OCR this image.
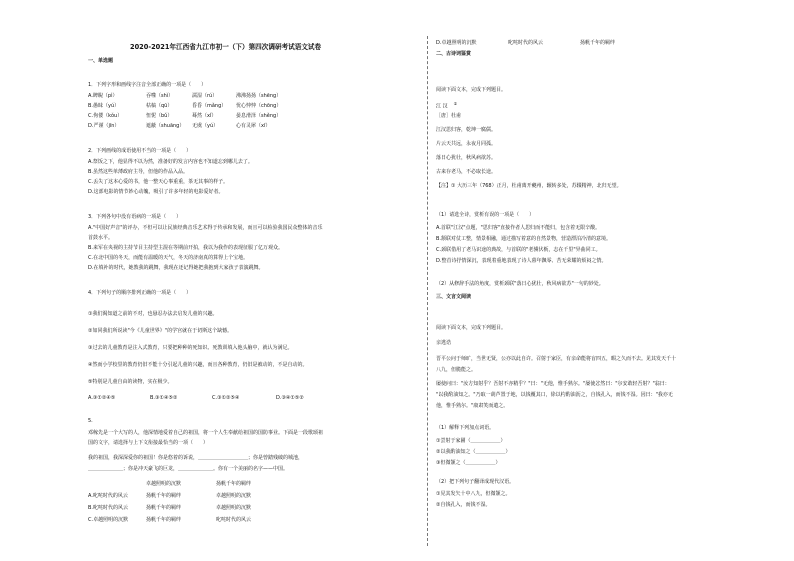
2020-2021年江西省九江市初一（下）第四次调研考试语文试卷
一、单选题
1．下列字形和画线字注音全部正确的一项是（　　）
A.睥睨（pì）	吞噬（shì）	濡湿（rú）	沸沸扬扬（shēng）
B.愚昧（yú）	枯槁（qū）	昏昏（mǎng） 忧心忡忡（chōng）
C.佝偻（kǒu）	忸怩（bǔ）	蓦然（xǐ）	晏息滑泽（shěng）
D.严谨（jīn）	遮蔽（shuāng） 无虞（yú）	心有灵犀（xī）
2．下列画线的成语使用不当的一项是（　　）
A.祭饭之下，他显得不以为然，准备好的发言内容也不知道忘到哪儿去了。
B.虽然这些单薄政府主导，但他的作品入品。
C.丢失了这本心爱的书，他一整天心事重重，茶无其事的样子。
D.这部电影的情节妙心动魄，吸引了许多年轻的电影爱好者。
3．下列各句中没有语病的一项是（　　）
A."中国好声音"的评办，不但可以让民族经典音乐艺术得于传承和发展，而且可以检验我国民众整体的音乐
首鼓水平。
B.来军在央视的主持节目主持型主混在等期前开拍，我以为我作的表现征服了亿万观众。
C.在北中国的冬天，而能有温暖的天气，冬天的济南真的算得上个宝地。
D.在填补的时代，她教我的跳舞，我现在还记得她把我抱到大家孩子表演跳舞。
4．下列句子的顺序排列正确的一项是（　　）
①我们渴知道之前的不对，也悬忍办法去启发儿童的兴趣。
②如同我们所说读"今《儿童世界》"的学宫就在于切斯这个缺憾。
③过去的儿童教育是注入式教育，只要把种种的死知识、死教训填入他头脑中，就认为满足。
④然而小学校里的教育仍旧不能十分引起儿童的兴趣，而且各种教育，仍旧是被动的，不是自动的。
⑤特别是儿童自由的读物，实在极少。
A.③①②④⑤	B.③①④⑤②	C.③①②⑤④	D.③④①⑤②
5.
邓稼先是一个大写的人，他深情地爱着自己的祖国，将一个人生奉献给祖国的国防事业。下面是一段歌颂祖
国的文字，请选择与上下文衔接最恰当的一项（　　）
我的祖国，我深深爱你的祖国！你是悠着的诉说，＿＿＿＿＿＿＿＿＿＿；你是曾踏残破的城池，
＿＿＿＿＿＿＿；你是冲天豪飞的巨龙，＿＿＿＿＿＿＿。你有一个美丽的名字——中国。
卓越照明的沉默	扬帆千年的羁绊
A.叱咤时代的风云	扬帆千年的羁绊	卓越照明的沉默
B.叱咤时代的风云	扬帆千年的羁绊	卓越照明的沉默
C.卓越照明的沉默	扬帆千年的羁绊	叱咤时代的风云
D.卓越照明的沉默	叱咤时代的风云	扬帆千年的羁绊
二、古诗词鉴赏
阅读下面文本，完成下列题目。
江 汉①
［唐］杜甫
江汉思归客，乾坤一腐儒。
片云天共远，永夜月同孤。
落日心犹壮，秋风病欲苏。
古来存老马，不必取长途。
【注】① 大历三年（768）正月，杜甫离开夔州，辗转多处，苏辍精神，北归无望。
（1）请选全诗，赏析有误的一项是（　　）
A.首联"江汉"点题，"思归客"直接作者人思归而不能归，包含着无限辛酸。
B.颔联对仗工整，情景相融，通过描写着意的自然景物，营造漂泊冷清的意境。
C.颈联借用了老马识途的典故，与首联的"老骥伏枥，志在千里"异曲同工。
D.整首诗抒情深沉，表现着重地表现了诗人暮年飘零、苦无荣耀的烦闷之情。
（2）从修辞手法的角度，赏析颈联"落日心犹壮，秋风病欲苏"一句的妙处。
三、文言文阅读
阅读下面文本，完成下列题目。
亲逃诰
晋平公问于师旷，当世无贤，公亦以此自许。召射于家臣，有亲命能将盲四五，暇之久而不去。见其发天千十
八九，但脆能之。
屡使问曰："汝方知射乎？吾射不亦精乎？"曰："无他，惟手熟尔。"屡使忿然曰："尔安敢轻吾射？"翁曰：
"以我酌油知之。"乃取一葫芦置于地，以钱覆其口，徐以杓酌油沥之，自钱孔入，而钱不湿。因曰："我亦无
他，惟手熟尔。"康肃笑而遣之。
（1）解释下列加点词语。
①尝射于家圃（＿＿＿＿＿＿）
②以我酌油知之（＿＿＿＿＿＿）
③但微颔之（＿＿＿＿＿＿）
（2）把下列句子翻译成现代汉语。
①见其发矢十中八九，但微颔之。
②自钱孔入，而钱不湿。
